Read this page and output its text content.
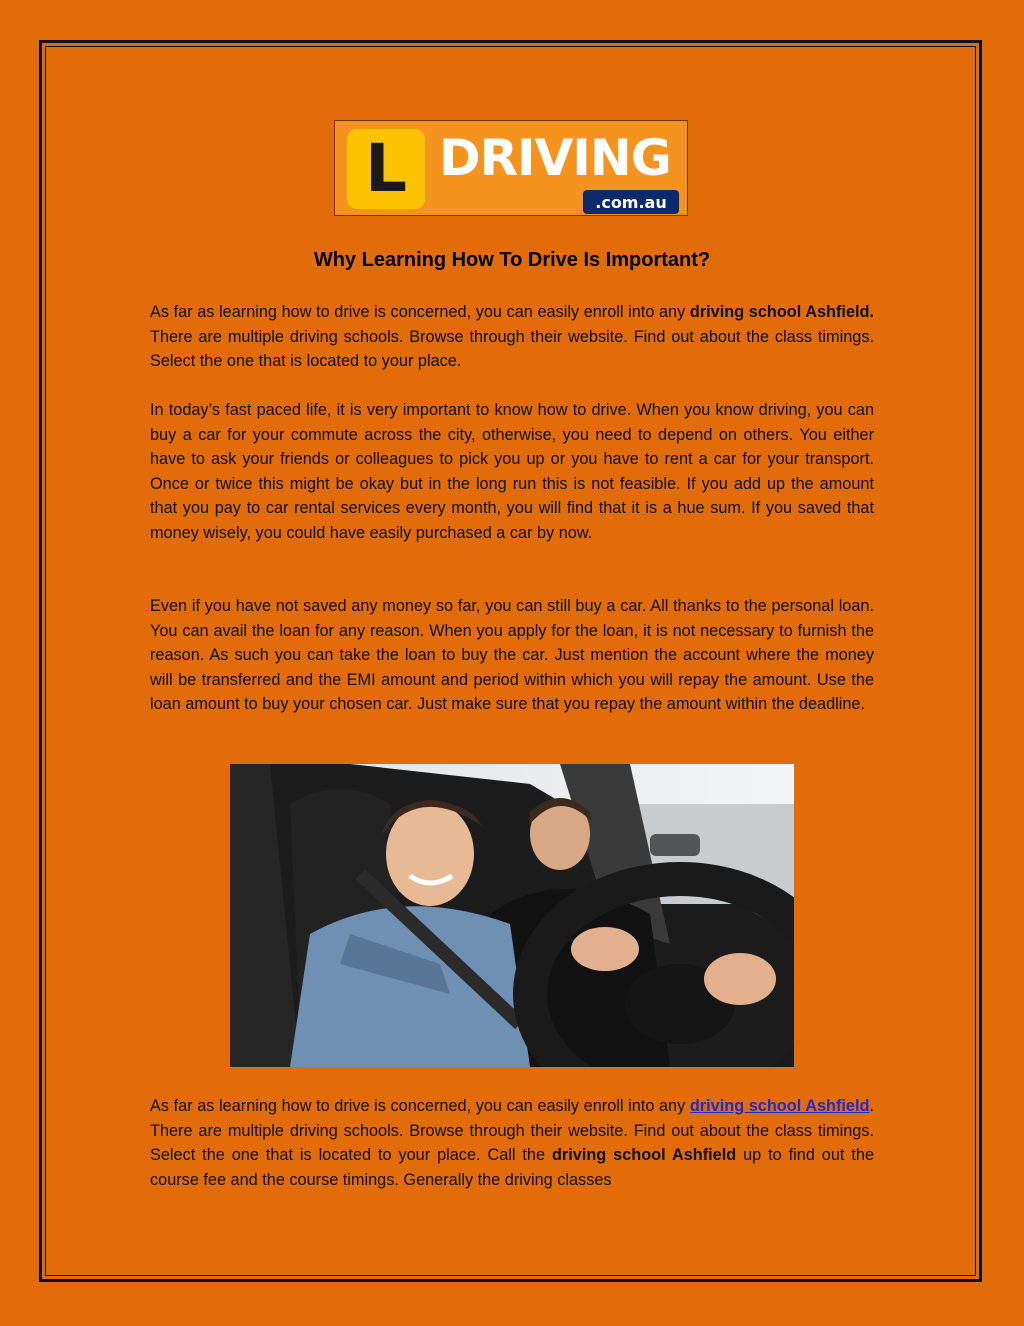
L DRIVING
.com.au
Why Learning How To Drive Is Important?

As far as learning how to drive is concerned, you can easily enroll into any driving school Ashfield. There are multiple driving schools. Browse through their website. Find out about the class timings. Select the one that is located to your place.

In today’s fast paced life, it is very important to know how to drive. When you know driving, you can buy a car for your commute across the city, otherwise, you need to depend on others. You either have to ask your friends or colleagues to pick you up or you have to rent a car for your transport. Once or twice this might be okay but in the long run this is not feasible. If you add up the amount that you pay to car rental services every month, you will find that it is a hue sum. If you saved that money wisely, you could have easily purchased a car by now.

Even if you have not saved any money so far, you can still buy a car. All thanks to the personal loan. You can avail the loan for any reason. When you apply for the loan, it is not necessary to furnish the reason. As such you can take the loan to buy the car. Just mention the account where the money will be transferred and the EMI amount and period within which you will repay the amount. Use the loan amount to buy your chosen car. Just make sure that you repay the amount within the deadline.

As far as learning how to drive is concerned, you can easily enroll into any driving school Ashfield. There are multiple driving schools. Browse through their website. Find out about the class timings. Select the one that is located to your place. Call the driving school Ashfield up to find out the course fee and the course timings. Generally the driving classes
